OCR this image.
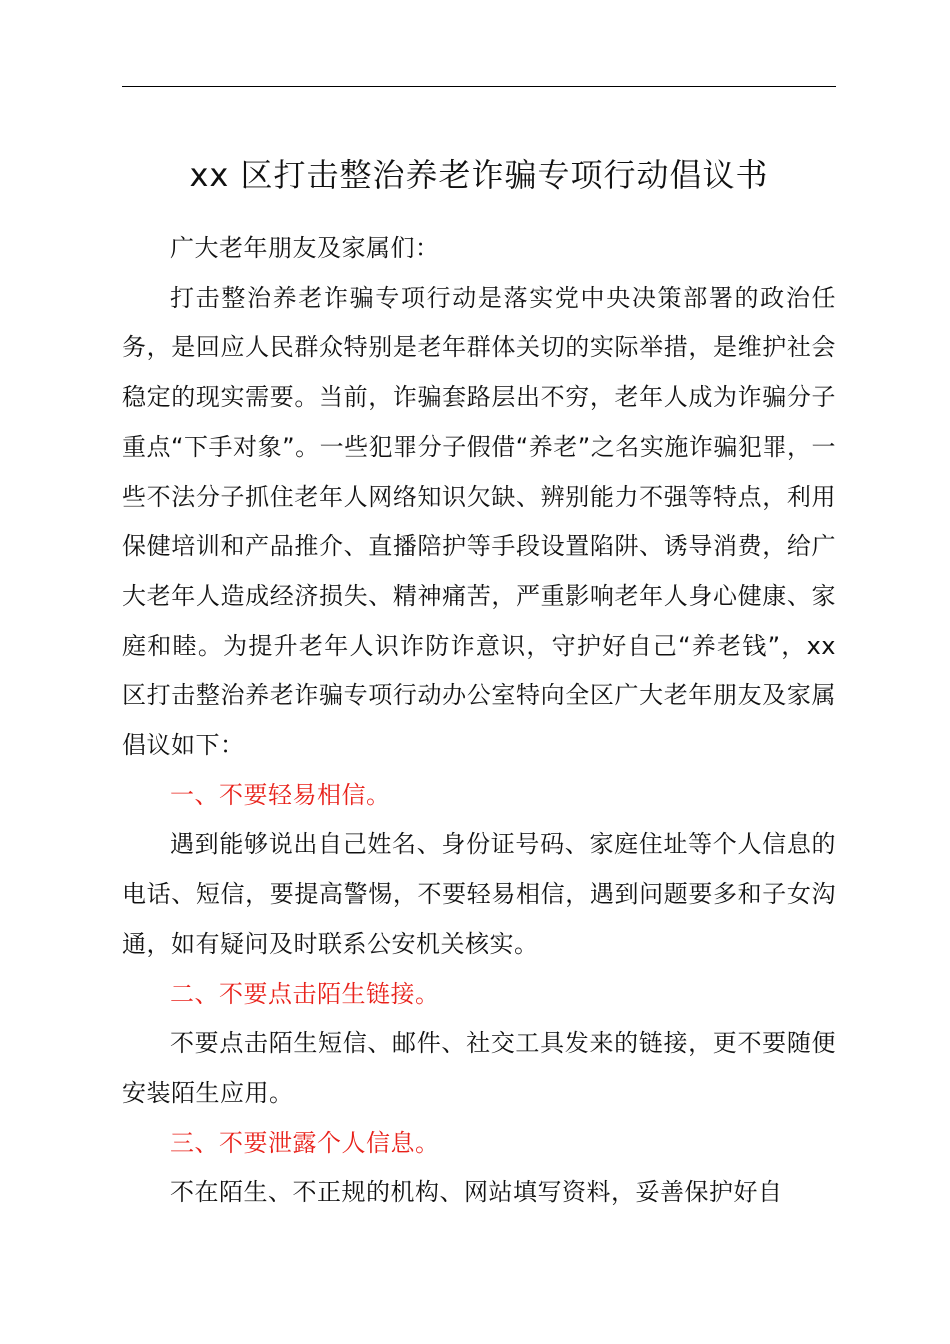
xx 区打击整治养老诈骗专项行动倡议书

广大老年朋友及家属们：

打击整治养老诈骗专项行动是落实党中央决策部署的政治任务，是回应人民群众特别是老年群体关切的实际举措，是维护社会稳定的现实需要。当前，诈骗套路层出不穷，老年人成为诈骗分子重点“下手对象”。一些犯罪分子假借“养老”之名实施诈骗犯罪，一些不法分子抓住老年人网络知识欠缺、辨别能力不强等特点，利用保健培训和产品推介、直播陪护等手段设置陷阱、诱导消费，给广大老年人造成经济损失、精神痛苦，严重影响老年人身心健康、家庭和睦。为提升老年人识诈防诈意识，守护好自己“养老钱”，xx 区打击整治养老诈骗专项行动办公室特向全区广大老年朋友及家属倡议如下：

一、不要轻易相信。

遇到能够说出自己姓名、身份证号码、家庭住址等个人信息的电话、短信，要提高警惕，不要轻易相信，遇到问题要多和子女沟通，如有疑问及时联系公安机关核实。

二、不要点击陌生链接。

不要点击陌生短信、邮件、社交工具发来的链接，更不要随便安装陌生应用。

三、不要泄露个人信息。

不在陌生、不正规的机构、网站填写资料，妥善保护好自
